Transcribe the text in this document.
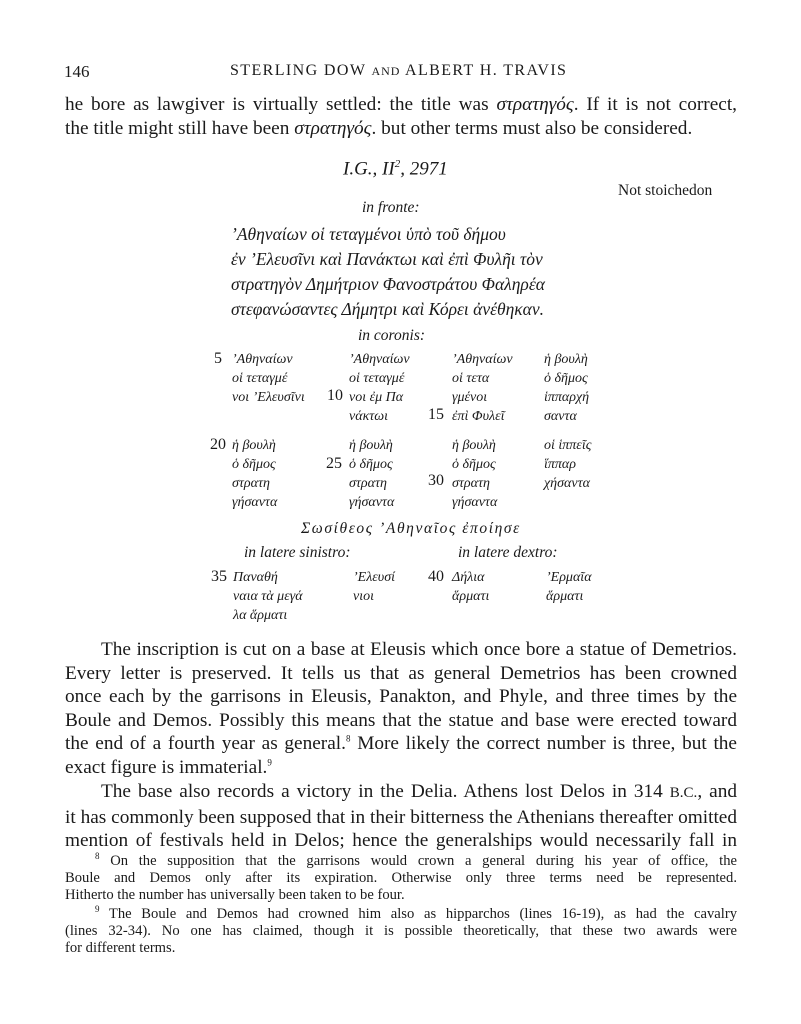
146	STERLING DOW AND ALBERT H. TRAVIS
he bore as lawgiver is virtually settled: the title was στρατηγός. If it is not correct,
the title might still have been στρατηγός. but other terms must also be considered.
I.G., $II^2$, 2971
Not stoichedon
in fronte:
’Αθηναίων οἱ τεταγμένοι ὑπὸ τοῦ δήμου
ἐν ’Ελευσῖνι καὶ Πανάκτωι καὶ ἐπὶ Φυλῆι τὸν
στρατηγὸν Δημήτριον Φανοστράτου Φαληρέα
στεφανώσαντες Δήμητρι καὶ Κόρει ἀνέθηκαν.
in coronis:
5 ’Αθηναίων
οἱ τεταγμέ
νοι ’Ελευσῖνι
’Αθηναίων
οἱ τεταγμέ
νοι ἐμ Πα
νάκτωι
10
’Αθηναίων
οἱ τετα
γμένοι
ἐπὶ Φυλεῖ
15
ἡ βουλὴ
ὁ δῆμος
ἱππαρχή
σαντα
20 ἡ βουλὴ
ὁ δῆμος
στρατη
γήσαντα
25
ἡ βουλὴ
ὁ δῆμος
στρατη
γήσαντα
30
ἡ βουλὴ
ὁ δῆμος
στρατη
γήσαντα
οἱ ἱππεῖς
ἵππαρ
χήσαντα
Σωσίθεος ’Αθηναῖος ἐποίησε
in latere sinistro:	in latere dextro:
35 Παναθή
ναια τὰ μεγά
λα ἅρματι
’Ελευσί
νιοι
40 Δήλια
ἅρματι
’Ερμαῖα
ἅρματι
The inscription is cut on a base at Eleusis which once bore a statue of Demetrios.
Every letter is preserved. It tells us that as general Demetrios has been crowned
once each by the garrisons in Eleusis, Panakton, and Phyle, and three times by the
Boule and Demos. Possibly this means that the statue and base were erected toward
the end of a fourth year as general.$^8$ More likely the correct number is three, but the
exact figure is immaterial.$^9$
The base also records a victory in the Delia. Athens lost Delos in 314 B.C., and
it has commonly been supposed that in their bitterness the Athenians thereafter omitted
mention of festivals held in Delos; hence the generalships would necessarily fall in
$^8$ On the supposition that the garrisons would crown a general during his year of office, the
Boule and Demos only after its expiration. Otherwise only three terms need be represented.
Hitherto the number has universally been taken to be four.
$^9$ The Boule and Demos had crowned him also as hipparchos (lines 16-19), as had the cavalry
(lines 32-34). No one has claimed, though it is possible theoretically, that these two awards were
for different terms.
